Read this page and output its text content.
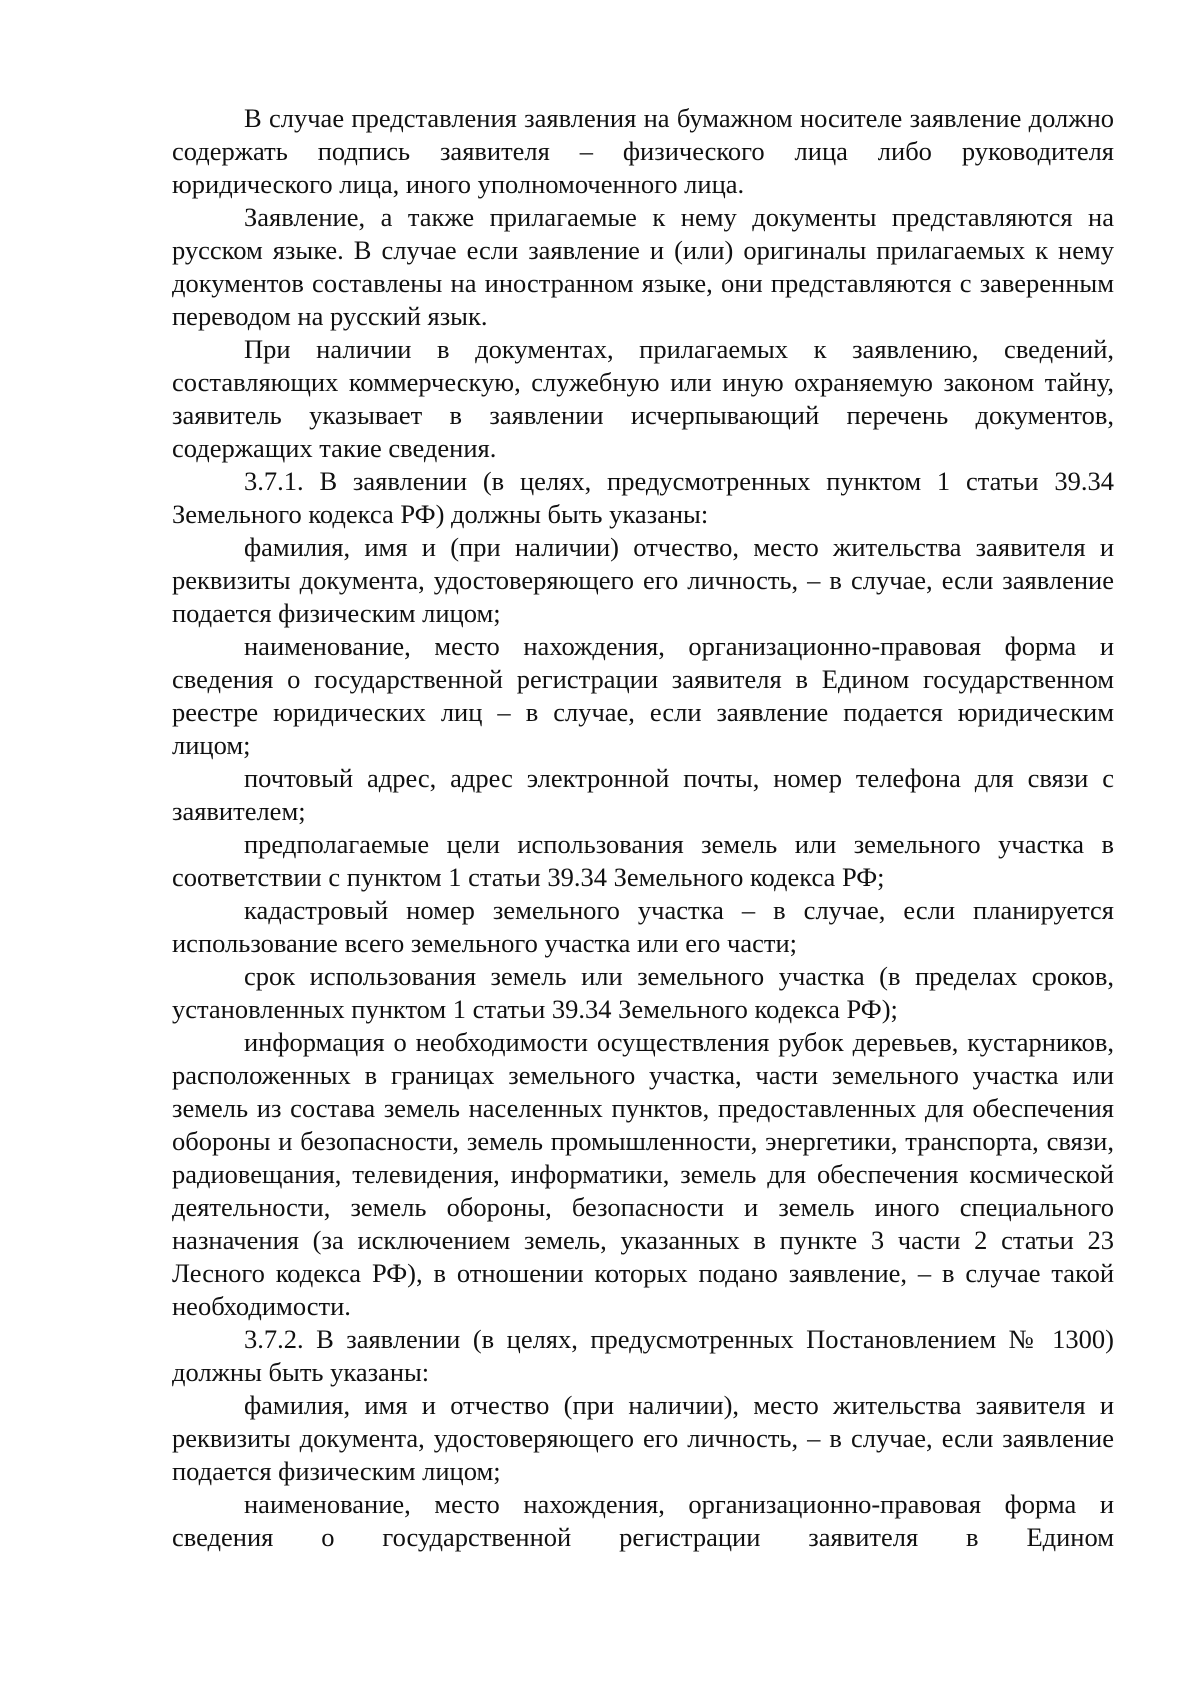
В случае представления заявления на бумажном носителе заявление должно содержать подпись заявителя – физического лица либо руководителя юридического лица, иного уполномоченного лица.

Заявление, а также прилагаемые к нему документы представляются на русском языке. В случае если заявление и (или) оригиналы прилагаемых к нему документов составлены на иностранном языке, они представляются с заверенным переводом на русский язык.

При наличии в документах, прилагаемых к заявлению, сведений, составляющих коммерческую, служебную или иную охраняемую законом тайну, заявитель указывает в заявлении исчерпывающий перечень документов, содержащих такие сведения.

3.7.1. В заявлении (в целях, предусмотренных пунктом 1 статьи 39.34 Земельного кодекса РФ) должны быть указаны:

фамилия, имя и (при наличии) отчество, место жительства заявителя и реквизиты документа, удостоверяющего его личность, – в случае, если заявление подается физическим лицом;

наименование, место нахождения, организационно-правовая форма и сведения о государственной регистрации заявителя в Едином государственном реестре юридических лиц – в случае, если заявление подается юридическим лицом;

почтовый адрес, адрес электронной почты, номер телефона для связи с заявителем;

предполагаемые цели использования земель или земельного участка в соответствии с пунктом 1 статьи 39.34 Земельного кодекса РФ;

кадастровый номер земельного участка – в случае, если планируется использование всего земельного участка или его части;

срок использования земель или земельного участка (в пределах сроков, установленных пунктом 1 статьи 39.34 Земельного кодекса РФ);

информация о необходимости осуществления рубок деревьев, кустарников, расположенных в границах земельного участка, части земельного участка или земель из состава земель населенных пунктов, предоставленных для обеспечения обороны и безопасности, земель промышленности, энергетики, транспорта, связи, радиовещания, телевидения, информатики, земель для обеспечения космической деятельности, земель обороны, безопасности и земель иного специального назначения (за исключением земель, указанных в пункте 3 части 2 статьи 23 Лесного кодекса РФ), в отношении которых подано заявление, – в случае такой необходимости.

3.7.2. В заявлении (в целях, предусмотренных Постановлением № 1300) должны быть указаны:

фамилия, имя и отчество (при наличии), место жительства заявителя и реквизиты документа, удостоверяющего его личность, – в случае, если заявление подается физическим лицом;

наименование, место нахождения, организационно-правовая форма и сведения о государственной регистрации заявителя в Едином
